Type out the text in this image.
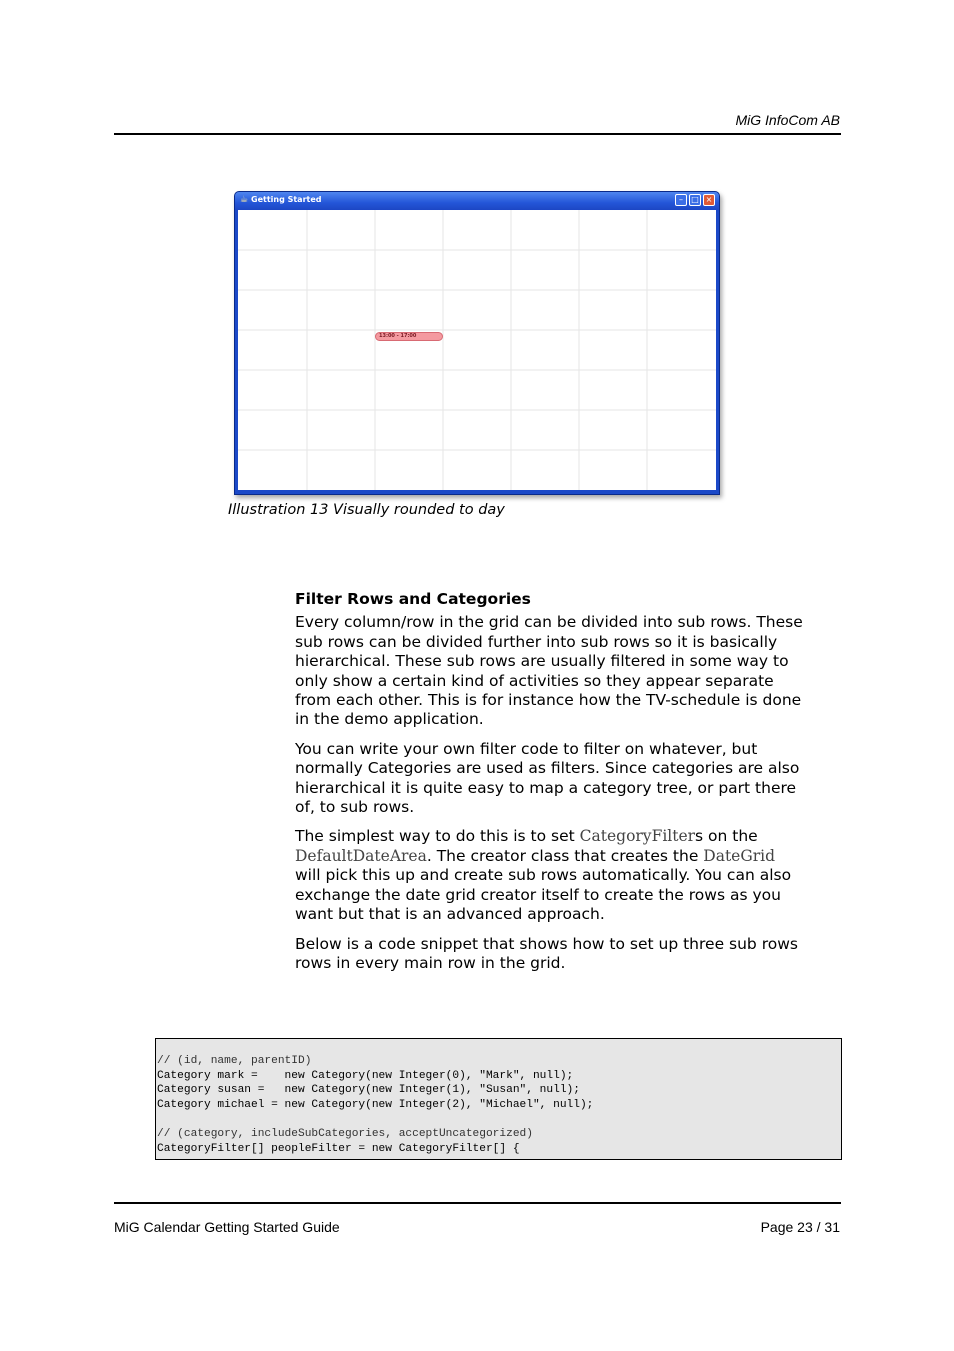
MiG InfoCom AB
☕ Getting Started	–	□ ×
13:00 - 17:00
Illustration 13 Visually rounded to day
Filter Rows and Categories

Every column/row in the grid can be divided into sub rows. These sub rows can be divided further into sub rows so it is basically hierarchical. These sub rows are usually filtered in some way to only show a certain kind of activities so they appear separate from each other. This is for instance how the TV-schedule is done in the demo application.

You can write your own filter code to filter on whatever, but normally Categories are used as filters. Since categories are also hierarchical it is quite easy to map a category tree, or part there of, to sub rows.

The simplest way to do this is to set CategoryFilters on the DefaultDateArea. The creator class that creates the DateGrid will pick this up and create sub rows automatically. You can also exchange the date grid creator itself to create the rows as you want but that is an advanced approach.

Below is a code snippet that shows how to set up three sub rows rows in every main row in the grid.

// (id, name, parentID)
Category mark =    new Category(new Integer(0), "Mark", null);
Category susan =   new Category(new Integer(1), "Susan", null);
Category michael = new Category(new Integer(2), "Michael", null);
// (category, includeSubCategories, acceptUncategorized)
CategoryFilter[] peopleFilter = new CategoryFilter[] {
MiG Calendar Getting Started Guide	Page 23 / 31
